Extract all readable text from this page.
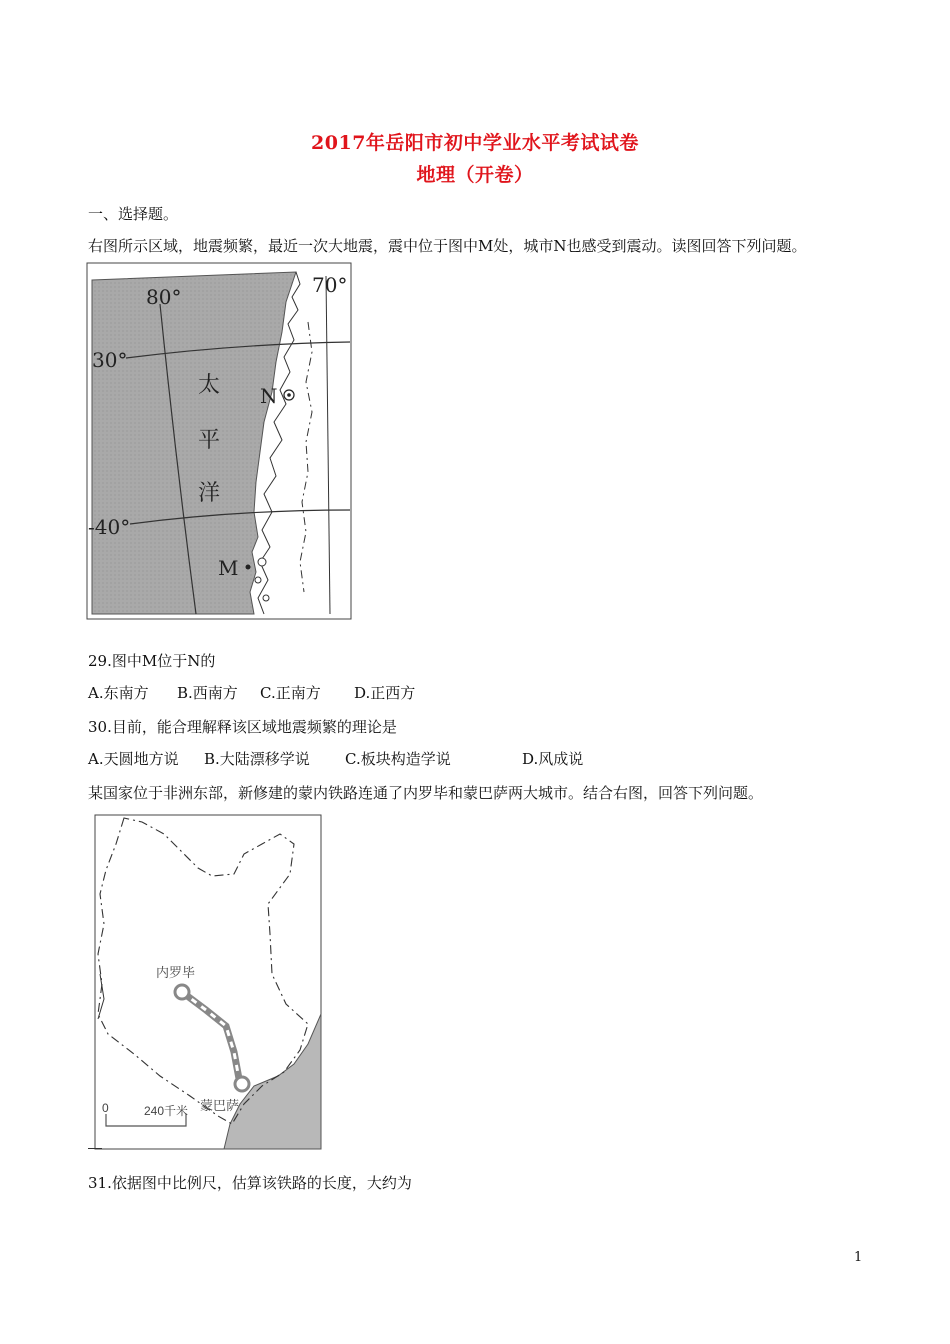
2017年岳阳市初中学业水平考试试卷
地理（开卷）
一、选择题。
右图所示区域，地震频繁，最近一次大地震，震中位于图中M处，城市N也感受到震动。读图回答下列问题。
80°	70°
30°
-40°
太
平
洋
N
M
29.图中M位于N的
A.东南方 B.西南方 C.正南方 D.正西方
30.目前，能合理解释该区域地震频繁的理论是
A.天圆地方说 B.大陆漂移学说 C.板块构造学说	D.风成说
某国家位于非洲东部，新修建的蒙内铁路连通了内罗毕和蒙巴萨两大城市。结合右图，回答下列问题。
内罗毕
蒙巴萨
0	240千米
31.依据图中比例尺，估算该铁路的长度，大约为
1
